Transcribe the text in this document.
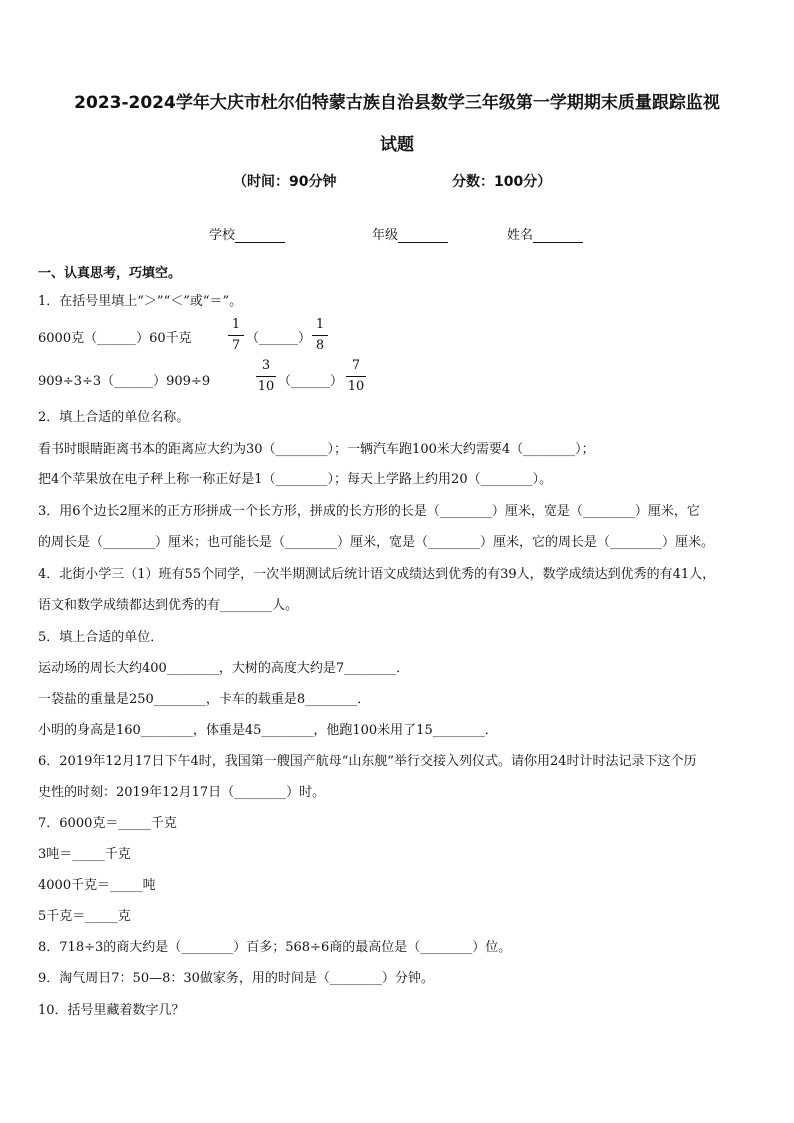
2023-2024学年大庆市杜尔伯特蒙古族自治县数学三年级第一学期期末质量跟踪监视
试题
（时间：90分钟	分数：100分）
学校	年级	姓名
一、认真思考，巧填空。
1．在括号里填上“＞”“＜”或“＝”。
6000克（______）60千克
1
7 （______）
1
8
909÷3÷3（______）909÷9
3
10 （______）
7
10
2．填上合适的单位名称。
看书时眼睛距离书本的距离应大约为30（________）；一辆汽车跑100米大约需要4（________）；
把4个苹果放在电子秤上称一称正好是1（________）；每天上学路上约用20（________）。
3．用6个边长2厘米的正方形拼成一个长方形，拼成的长方形的长是（________）厘米，宽是（________）厘米，它
的周长是（________）厘米；也可能长是（________）厘米，宽是（________）厘米，它的周长是（________）厘米。
4．北街小学三（1）班有55个同学，一次半期测试后统计语文成绩达到优秀的有39人，数学成绩达到优秀的有41人，
语文和数学成绩都达到优秀的有________人。
5．填上合适的单位．
运动场的周长大约400________，大树的高度大约是7________．
一袋盐的重量是250________，卡车的载重是8________．
小明的身高是160________，体重是45________，他跑100米用了15________．
6．2019年12月17日下午4时，我国第一艘国产航母“山东舰”举行交接入列仪式。请你用24时计时法记录下这个历
史性的时刻：2019年12月17日（________）时。
7．6000克＝_____千克
3吨＝_____千克
4000千克＝_____吨
5千克＝_____克
8．718÷3的商大约是（________）百多；568÷6商的最高位是（________）位。
9．淘气周日7：50—8：30做家务，用的时间是（________）分钟。
10．括号里藏着数字几？
